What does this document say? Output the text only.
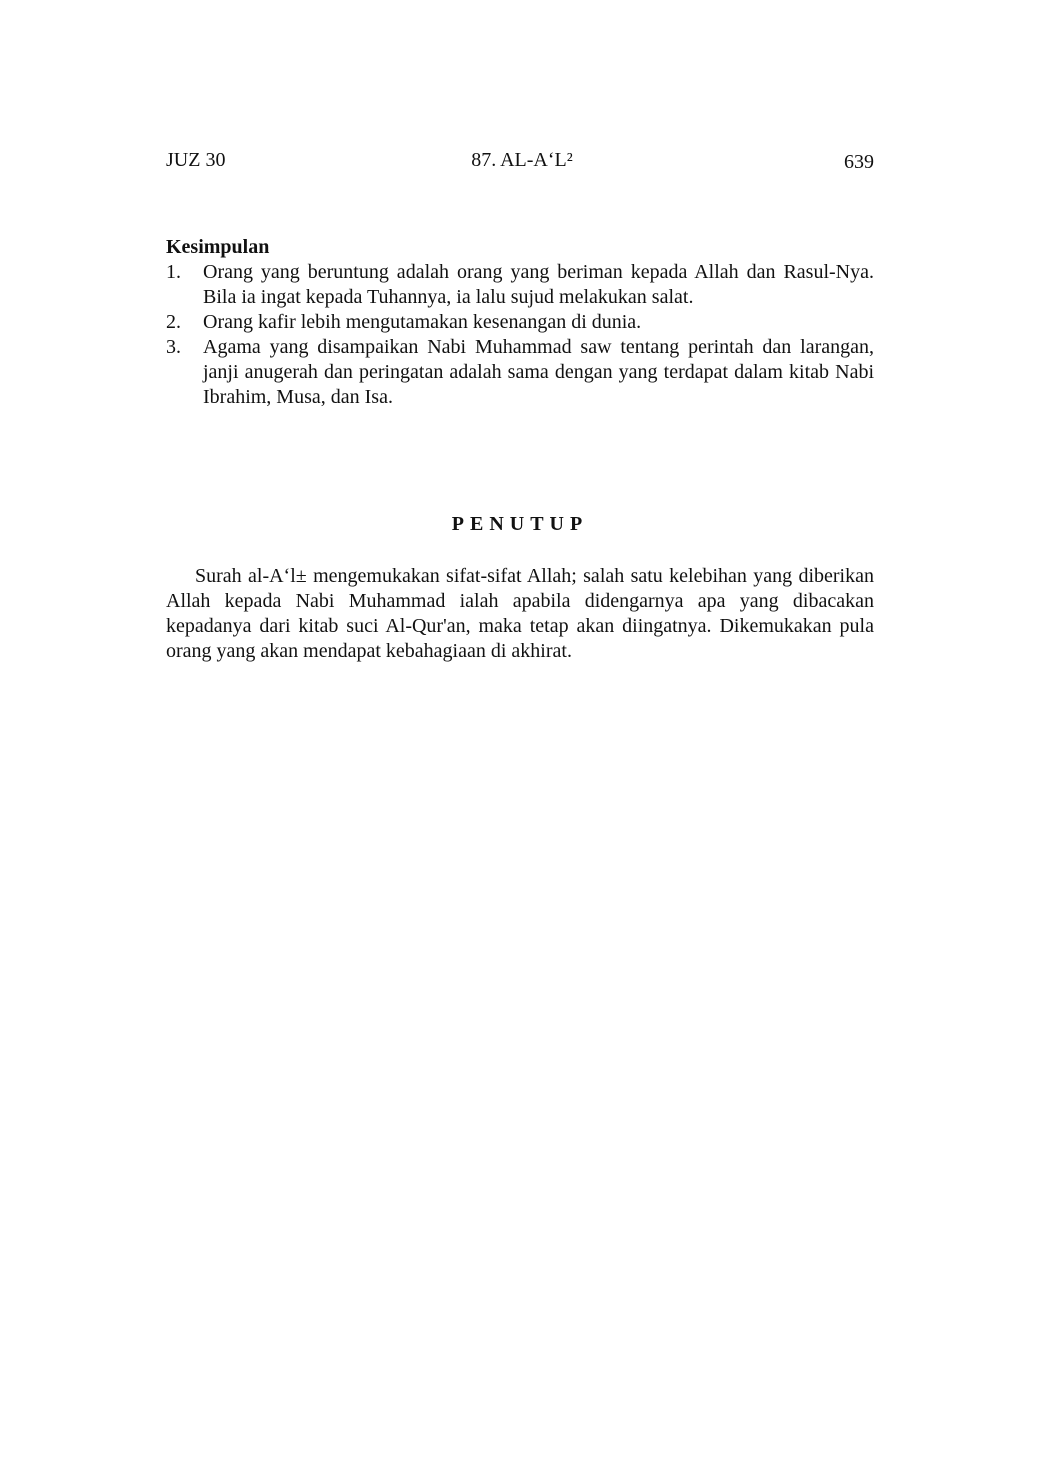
JUZ 30	87. AL-A‘L²	639
Kesimpulan
1. Orang yang beruntung adalah orang yang beriman kepada Allah dan Rasul-Nya. Bila ia ingat kepada Tuhannya, ia lalu sujud melakukan salat.
2. Orang kafir lebih mengutamakan kesenangan di dunia.
3. Agama yang disampaikan Nabi Muhammad saw tentang perintah dan larangan, janji anugerah dan peringatan adalah sama dengan yang terdapat dalam kitab Nabi Ibrahim, Musa, dan Isa.
PENUTUP

Surah al-A‘l± mengemukakan sifat-sifat Allah; salah satu kelebihan yang diberikan Allah kepada Nabi Muhammad ialah apabila didengarnya apa yang dibacakan kepadanya dari kitab suci Al-Qur'an, maka tetap akan diingatnya. Dikemukakan pula orang yang akan mendapat kebahagiaan di akhirat.
